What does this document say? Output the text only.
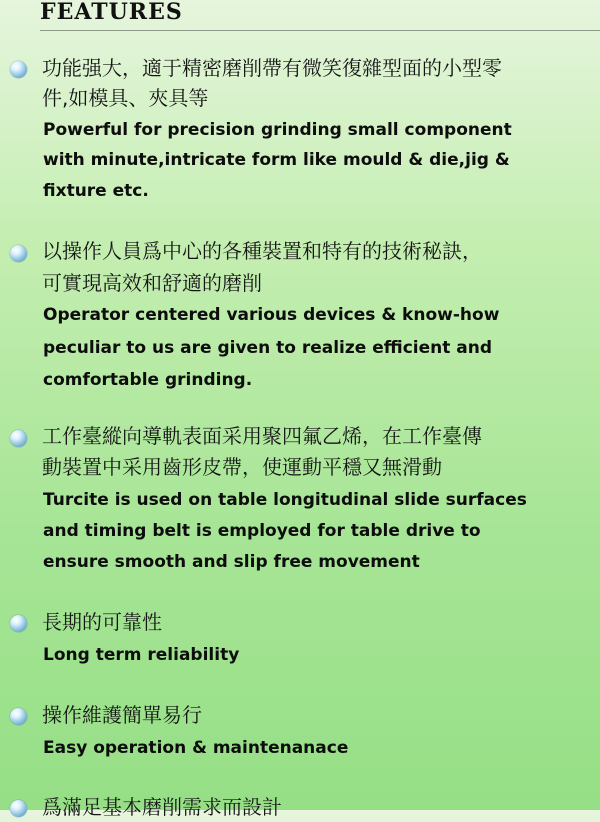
FEATURES
功能强大，適于精密磨削帶有微笑復雜型面的小型零
件,如模具、夾具等
Powerful for precision grinding small component
with minute,intricate form like mould & die,jig &
fixture etc.
以操作人員爲中心的各種裝置和特有的技術秘訣，
可實現高效和舒適的磨削
Operator centered various devices & know-how
peculiar to us are given to realize efficient and
comfortable grinding.
工作臺縱向導軌表面采用聚四氟乙烯，在工作臺傳
動裝置中采用齒形皮帶，使運動平穩又無滑動
Turcite is used on table longitudinal slide surfaces
and timing belt is employed for table drive to
ensure smooth and slip free movement
長期的可靠性
Long term reliability
操作維護簡單易行
Easy operation & maintenanace
爲滿足基本磨削需求而設計
